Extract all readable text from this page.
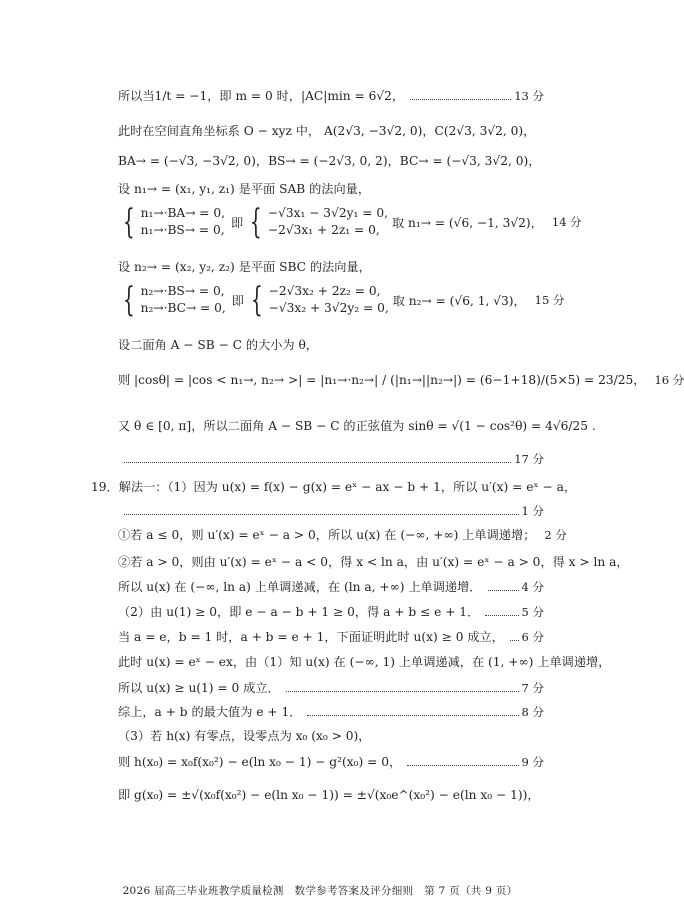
所以当1/t = −1，即 m = 0 时，|AC|min = 6√2，	13 分
此时在空间直角坐标系 O − xyz 中， A(2√3, −3√2, 0)，C(2√3, 3√2, 0)，
BA→ = (−√3, −3√2, 0)，BS→ = (−2√3, 0, 2)，BC→ = (−√3, 3√2, 0)，
设 n₁→ = (x₁, y₁, z₁) 是平面 SAB 的法向量，
{ n₁→·BA→ = 0,
n₁→·BS→ = 0,
即 { −√3x₁ − 3√2y₁ = 0,
−2√3x₁ + 2z₁ = 0,
取 n₁→ = (√6, −1, 3√2)， 14 分
设 n₂→ = (x₂, y₂, z₂) 是平面 SBC 的法向量，
{ n₂→·BS→ = 0,
n₂→·BC→ = 0,
即 { −2√3x₂ + 2z₂ = 0,
−√3x₂ + 3√2y₂ = 0,
取 n₂→ = (√6, 1, √3)， 15 分
设二面角 A − SB − C 的大小为 θ，
则 |cosθ| = |cos < n₁→, n₂→ >| = |n₁→·n₂→| / (|n₁→||n₂→|) = (6−1+18)/(5×5) = 23/25， 16 分
又 θ ∈ [0, π]，所以二面角 A − SB − C 的正弦值为 sinθ = √(1 − cos²θ) = 4√6/25 .
17 分
19．解法一：（1）因为 u(x) = f(x) − g(x) = eˣ − ax − b + 1，所以 u′(x) = eˣ − a，
1 分
①若 a ≤ 0，则 u′(x) = eˣ − a > 0，所以 u(x) 在 (−∞, +∞) 上单调递增； 2 分
②若 a > 0，则由 u′(x) = eˣ − a < 0，得 x < ln a，由 u′(x) = eˣ − a > 0，得 x > ln a，
所以 u(x) 在 (−∞, ln a) 上单调递减，在 (ln a, +∞) 上单调递增．	4 分
（2）由 u(1) ≥ 0，即 e − a − b + 1 ≥ 0，得 a + b ≤ e + 1．	5 分
当 a = e，b = 1 时，a + b = e + 1，下面证明此时 u(x) ≥ 0 成立， 6 分
此时 u(x) = eˣ − ex，由（1）知 u(x) 在 (−∞, 1) 上单调递减，在 (1, +∞) 上单调递增，
所以 u(x) ≥ u(1) = 0 成立．	7 分
综上，a + b 的最大值为 e + 1．	8 分
（3）若 h(x) 有零点，设零点为 x₀ (x₀ > 0)，
则 h(x₀) = x₀f(x₀²) − e(ln x₀ − 1) − g²(x₀) = 0，	9 分
即 g(x₀) = ±√(x₀f(x₀²) − e(ln x₀ − 1)) = ±√(x₀e^(x₀²) − e(ln x₀ − 1))，
2026 届高三毕业班教学质量检测　数学参考答案及评分细则　第 7 页（共 9 页）
